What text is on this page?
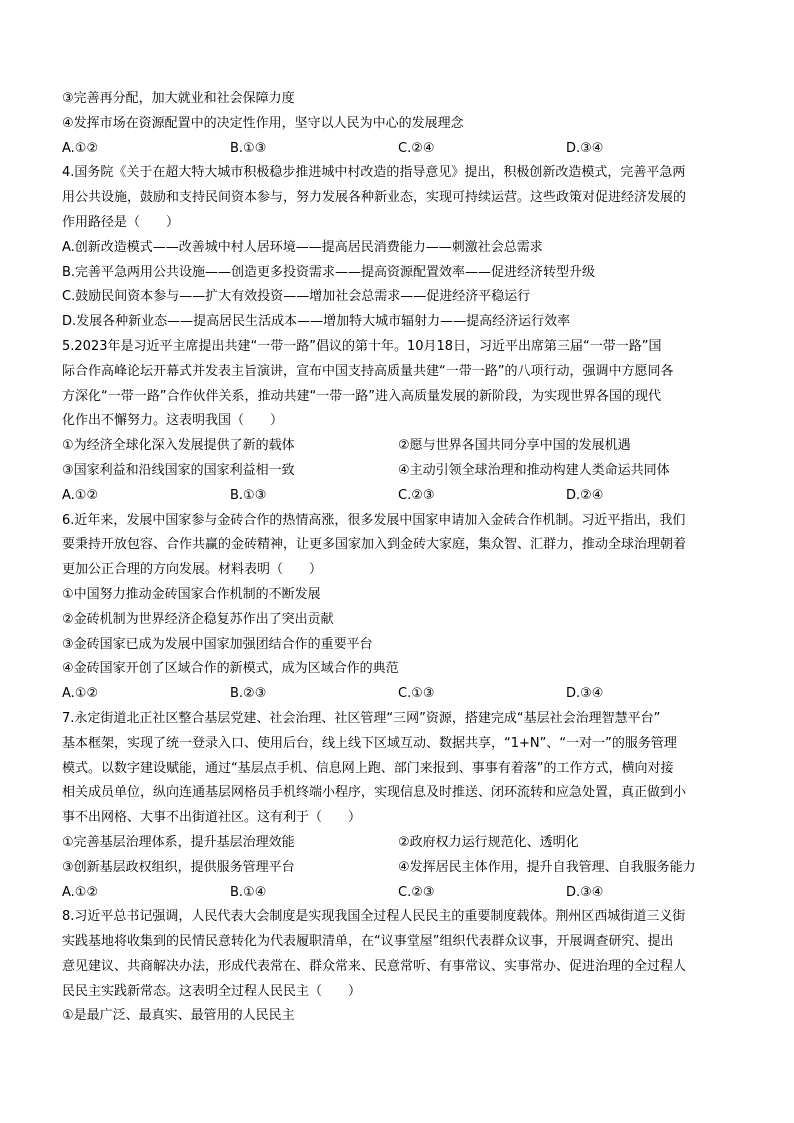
③完善再分配，加大就业和社会保障力度
④发挥市场在资源配置中的决定性作用，坚守以人民为中心的发展理念
A.①②	B.①③	C.②④	D.③④
4.国务院《关于在超大特大城市积极稳步推进城中村改造的指导意见》提出，积极创新改造模式，完善平急两
用公共设施，鼓励和支持民间资本参与，努力发展各种新业态，实现可持续运营。这些政策对促进经济发展的
作用路径是（　　）
A.创新改造模式——改善城中村人居环境——提高居民消费能力——刺激社会总需求
B.完善平急两用公共设施——创造更多投资需求——提高资源配置效率——促进经济转型升级
C.鼓励民间资本参与——扩大有效投资——增加社会总需求——促进经济平稳运行
D.发展各种新业态——提高居民生活成本——增加特大城市辐射力——提高经济运行效率
5.2023年是习近平主席提出共建“一带一路”倡议的第十年。10月18日，习近平出席第三届“一带一路”国
际合作高峰论坛开幕式并发表主旨演讲，宣布中国支持高质量共建“一带一路”的八项行动，强调中方愿同各
方深化“一带一路”合作伙伴关系，推动共建“一带一路”进入高质量发展的新阶段，为实现世界各国的现代
化作出不懈努力。这表明我国（　　）
①为经济全球化深入发展提供了新的载体	②愿与世界各国共同分享中国的发展机遇
③国家利益和沿线国家的国家利益相一致	④主动引领全球治理和推动构建人类命运共同体
A.①②	B.①③	C.②③	D.②④
6.近年来，发展中国家参与金砖合作的热情高涨，很多发展中国家申请加入金砖合作机制。习近平指出，我们
要秉持开放包容、合作共赢的金砖精神，让更多国家加入到金砖大家庭，集众智、汇群力，推动全球治理朝着
更加公正合理的方向发展。材料表明（　　）
①中国努力推动金砖国家合作机制的不断发展
②金砖机制为世界经济企稳复苏作出了突出贡献
③金砖国家已成为发展中国家加强团结合作的重要平台
④金砖国家开创了区域合作的新模式，成为区域合作的典范
A.①②	B.②③	C.①③	D.③④
7.永定街道北正社区整合基层党建、社会治理、社区管理“三网”资源，搭建完成“基层社会治理智慧平台”
基本框架，实现了统一登录入口、使用后台，线上线下区域互动、数据共享，“1+N”、“一对一”的服务管理
模式。以数字建设赋能，通过“基层点手机、信息网上跑、部门来报到、事事有着落”的工作方式，横向对接
相关成员单位，纵向连通基层网格员手机终端小程序，实现信息及时推送、闭环流转和应急处置，真正做到小
事不出网格、大事不出街道社区。这有利于（　　）
①完善基层治理体系，提升基层治理效能	②政府权力运行规范化、透明化
③创新基层政权组织，提供服务管理平台	④发挥居民主体作用，提升自我管理、自我服务能力
A.①②	B.①④	C.②③	D.③④
8.习近平总书记强调，人民代表大会制度是实现我国全过程人民民主的重要制度载体。荆州区西城街道三义街
实践基地将收集到的民情民意转化为代表履职清单，在“议事堂屋”组织代表群众议事，开展调查研究、提出
意见建议、共商解决办法，形成代表常在、群众常来、民意常听、有事常议、实事常办、促进治理的全过程人
民民主实践新常态。这表明全过程人民民主（　　）
①是最广泛、最真实、最管用的人民民主
